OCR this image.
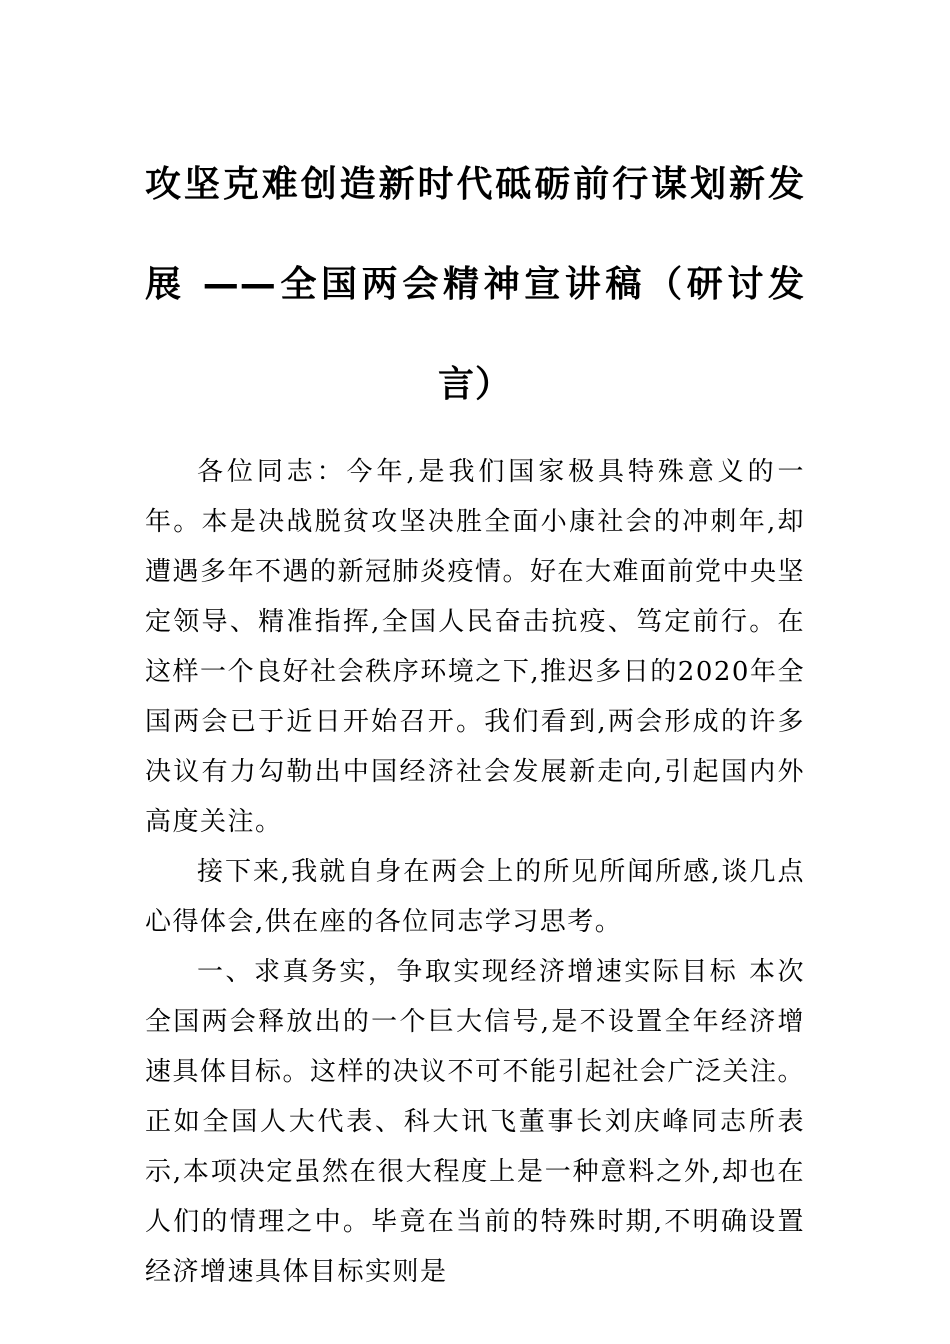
攻坚克难创造新时代砥砺前行谋划新发展 ——全国两会精神宣讲稿（研讨发言）

各位同志：今年,是我们国家极具特殊意义的一年。本是决战脱贫攻坚决胜全面小康社会的冲刺年,却遭遇多年不遇的新冠肺炎疫情。好在大难面前党中央坚定领导、精准指挥,全国人民奋击抗疫、笃定前行。在这样一个良好社会秩序环境之下,推迟多日的2020年全国两会已于近日开始召开。我们看到,两会形成的许多决议有力勾勒出中国经济社会发展新走向,引起国内外高度关注。

接下来,我就自身在两会上的所见所闻所感,谈几点心得体会,供在座的各位同志学习思考。

一、求真务实，争取实现经济增速实际目标 本次全国两会释放出的一个巨大信号,是不设置全年经济增速具体目标。这样的决议不可不能引起社会广泛关注。正如全国人大代表、科大讯飞董事长刘庆峰同志所表示,本项决定虽然在很大程度上是一种意料之外,却也在人们的情理之中。毕竟在当前的特殊时期,不明确设置经济增速具体目标实则是
